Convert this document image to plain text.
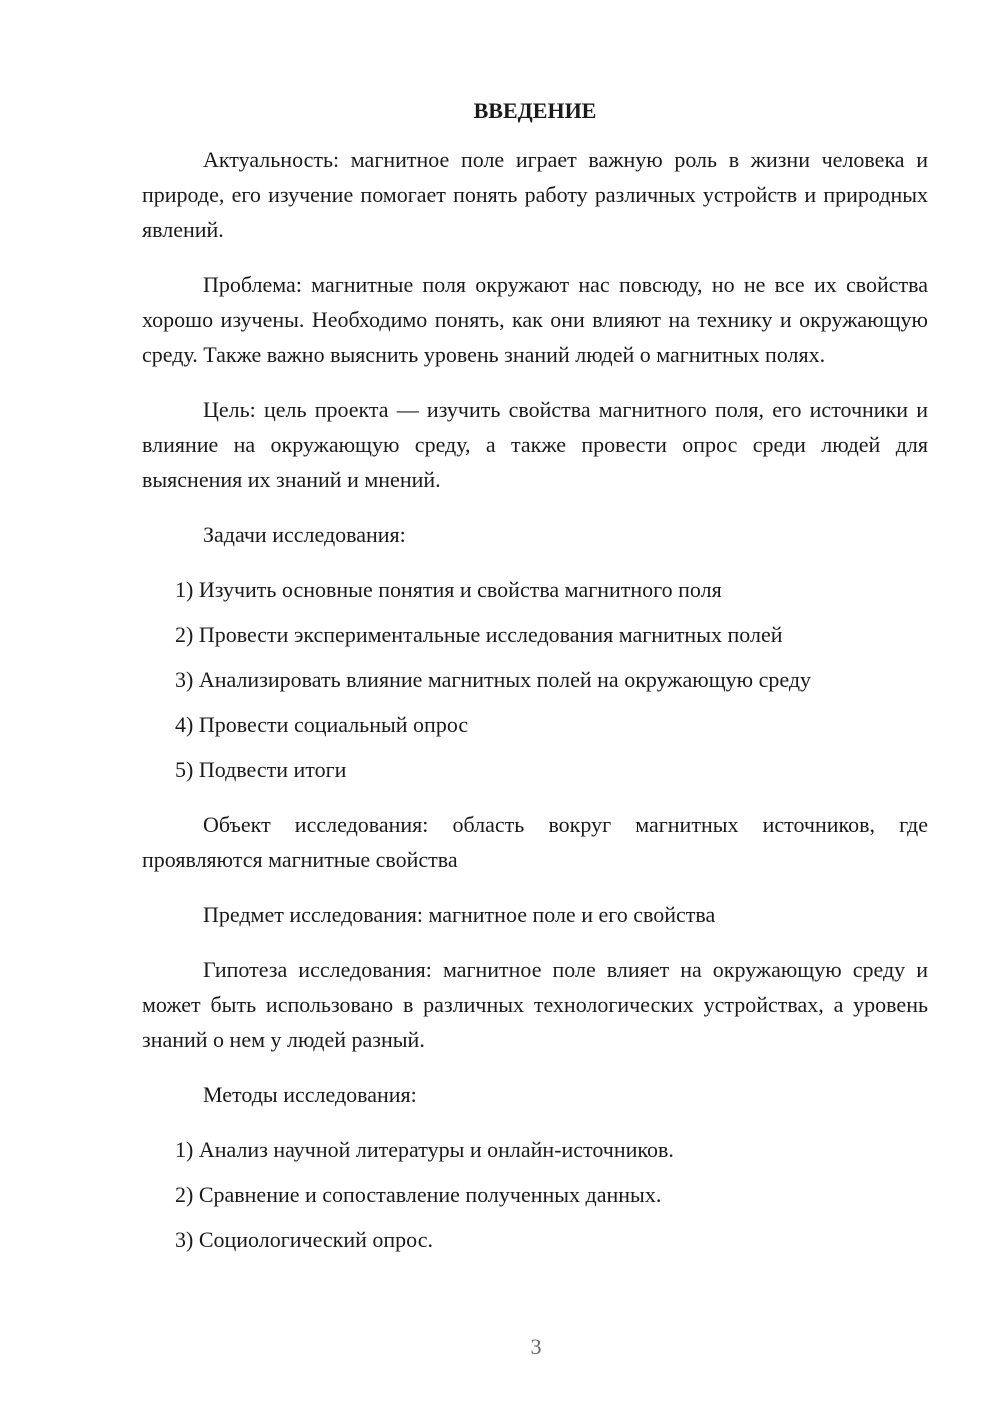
ВВЕДЕНИЕ

Актуальность: магнитное поле играет важную роль в жизни человека и природе, его изучение помогает понять работу различных устройств и природных явлений.

Проблема: магнитные поля окружают нас повсюду, но не все их свойства хорошо изучены. Необходимо понять, как они влияют на технику и окружающую среду. Также важно выяснить уровень знаний людей о магнитных полях.

Цель: цель проекта — изучить свойства магнитного поля, его источники и влияние на окружающую среду, а также провести опрос среди людей для выяснения их знаний и мнений.

Задачи исследования:

1) Изучить основные понятия и свойства магнитного поля
2) Провести экспериментальные исследования магнитных полей
3) Анализировать влияние магнитных полей на окружающую среду
4) Провести социальный опрос
5) Подвести итоги

Объект исследования: область вокруг магнитных источников, где проявляются магнитные свойства

Предмет исследования: магнитное поле и его свойства

Гипотеза исследования: магнитное поле влияет на окружающую среду и может быть использовано в различных технологических устройствах, а уровень знаний о нем у людей разный.

Методы исследования:

1) Анализ научной литературы и онлайн-источников.
2) Сравнение и сопоставление полученных данных.
3) Социологический опрос.
3
